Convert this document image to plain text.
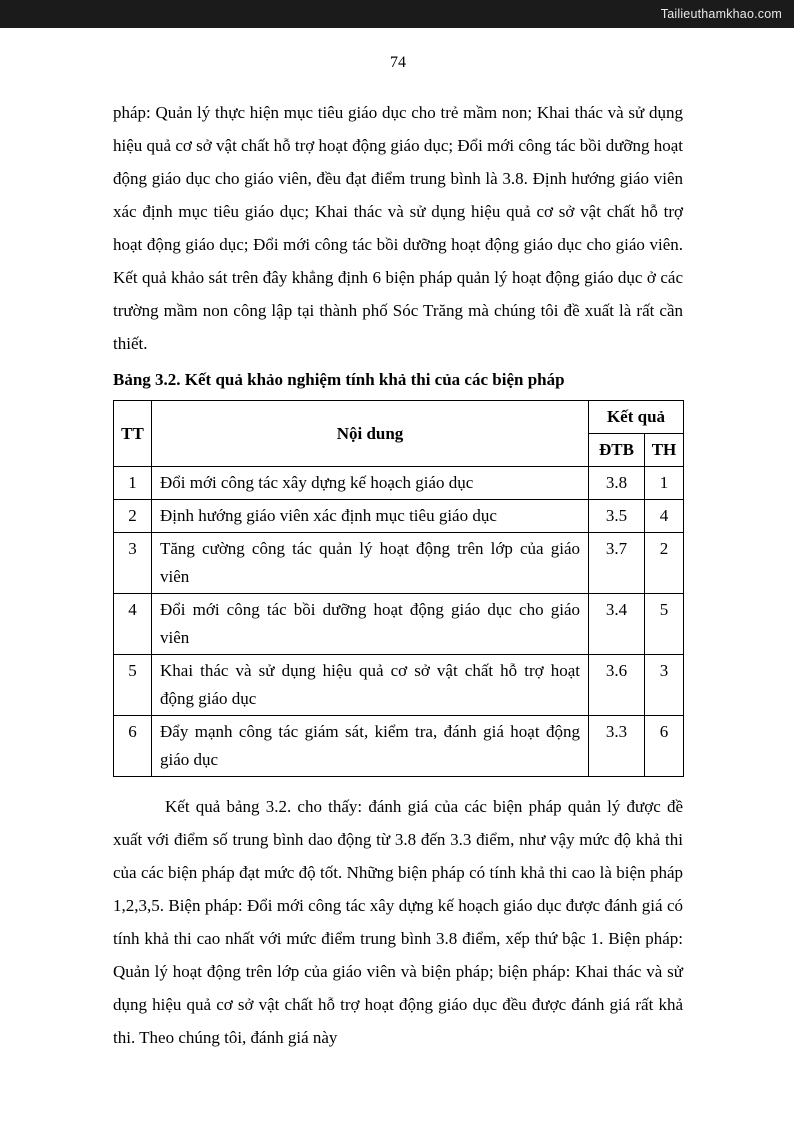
Tailieuthamkhao.com
74

pháp: Quản lý thực hiện mục tiêu giáo dục cho trẻ mầm non; Khai thác và sử dụng hiệu quả cơ sở vật chất hỗ trợ hoạt động giáo dục; Đổi mới công tác bồi dưỡng hoạt động giáo dục cho giáo viên, đều đạt điểm trung bình là 3.8. Định hướng giáo viên xác định mục tiêu giáo dục; Khai thác và sử dụng hiệu quả cơ sở vật chất hỗ trợ hoạt động giáo dục; Đổi mới công tác bồi dưỡng hoạt động giáo dục cho giáo viên. Kết quả khảo sát trên đây khẳng định 6 biện pháp quản lý hoạt động giáo dục ở các trường mầm non công lập tại thành phố Sóc Trăng mà chúng tôi đề xuất là rất cần thiết.

Bảng 3.2. Kết quả khảo nghiệm tính khả thi của các biện pháp
TT	Nội dung	Kết quả	
		ĐTB	TH
1	Đổi mới công tác xây dựng kế hoạch giáo dục	3.8	1
2	Định hướng giáo viên xác định mục tiêu giáo dục	3.5	4
3	Tăng cường công tác quản lý hoạt động trên lớp của giáo viên	3.7	2
4	Đổi mới công tác bồi dưỡng hoạt động giáo dục cho giáo viên	3.4	5
5	Khai thác và sử dụng hiệu quả cơ sở vật chất hỗ trợ hoạt động giáo dục	3.6	3
6	Đẩy mạnh công tác giám sát, kiểm tra, đánh giá hoạt động giáo dục	3.3	6

Kết quả bảng 3.2. cho thấy: đánh giá của các biện pháp quản lý được đề xuất với điểm số trung bình dao động từ 3.8 đến 3.3 điểm, như vậy mức độ khả thi của các biện pháp đạt mức độ tốt. Những biện pháp có tính khả thi cao là biện pháp 1,2,3,5. Biện pháp: Đổi mới công tác xây dựng kế hoạch giáo dục được đánh giá có tính khả thi cao nhất với mức điểm trung bình 3.8 điểm, xếp thứ bậc 1. Biện pháp: Quản lý hoạt động trên lớp của giáo viên và biện pháp; biện pháp: Khai thác và sử dụng hiệu quả cơ sở vật chất hỗ trợ hoạt động giáo dục đều được đánh giá rất khả thi. Theo chúng tôi, đánh giá này
